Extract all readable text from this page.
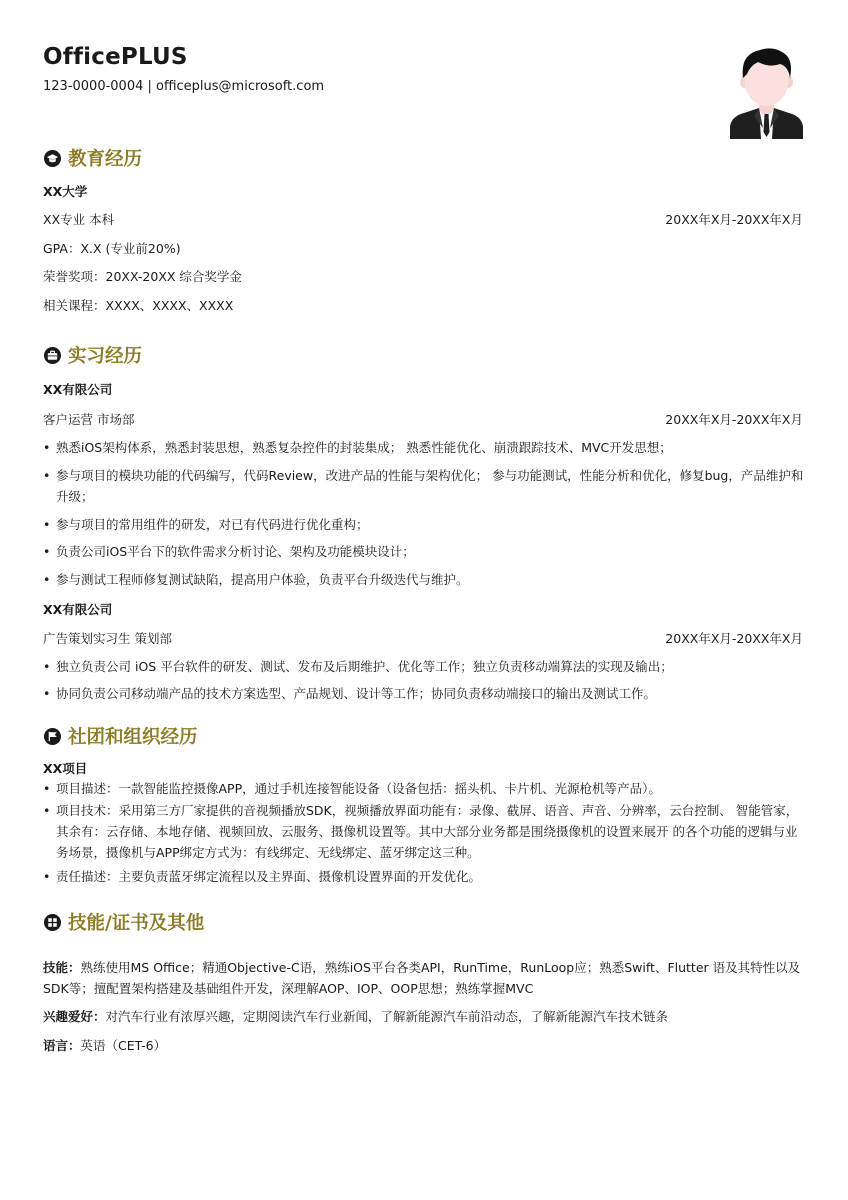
OfficePLUS
123-0000-0004 | officeplus@microsoft.com
教育经历
XX大学
XX专业 本科	20XX年X月-20XX年X月
GPA：X.X (专业前20%)
荣誉奖项：20XX-20XX 综合奖学金
相关课程：XXXX、XXXX、XXXX
实习经历
XX有限公司
客户运营 市场部	20XX年X月-20XX年X月
• 熟悉iOS架构体系，熟悉封装思想，熟悉复杂控件的封装集成； 熟悉性能优化、崩溃跟踪技术、MVC开发思想；
• 参与项目的模块功能的代码编写，代码Review，改进产品的性能与架构优化； 参与功能测试，性能分析和优化，修复bug，产品维护和升级；
• 参与项目的常用组件的研发，对已有代码进行优化重构；
• 负责公司iOS平台下的软件需求分析讨论、架构及功能模块设计；
• 参与测试工程师修复测试缺陷，提高用户体验，负责平台升级迭代与维护。
XX有限公司
广告策划实习生 策划部	20XX年X月-20XX年X月
• 独立负责公司 iOS 平台软件的研发、测试、发布及后期维护、优化等工作；独立负责移动端算法的实现及输出；
• 协同负责公司移动端产品的技术方案选型、产品规划、设计等工作；协同负责移动端接口的输出及测试工作。
社团和组织经历
XX项目
• 项目描述：一款智能监控摄像APP，通过手机连接智能设备（设备包括：摇头机、卡片机、光源枪机等产品）。
• 项目技术：采用第三方厂家提供的音视频播放SDK，视频播放界面功能有：录像、截屏、语音、声音、分辨率，云台控制、 智能管家，其余有：云存储、本地存储、视频回放、云服务、摄像机设置等。其中大部分业务都是围绕摄像机的设置来展开 的各个功能的逻辑与业务场景，摄像机与APP绑定方式为：有线绑定、无线绑定、蓝牙绑定这三种。
• 责任描述：主要负责蓝牙绑定流程以及主界面、摄像机设置界面的开发优化。
技能/证书及其他
技能：熟练使用MS Office；精通Objective-C语，熟练iOS平台各类API，RunTime，RunLoop应；熟悉Swift、Flutter 语及其特性以及SDK等；擅配置架构搭建及基础组件开发，深理解AOP、IOP、OOP思想；熟练掌握MVC
兴趣爱好：对汽车行业有浓厚兴趣，定期阅读汽车行业新闻，了解新能源汽车前沿动态，了解新能源汽车技术链条
语言：英语（CET-6）
